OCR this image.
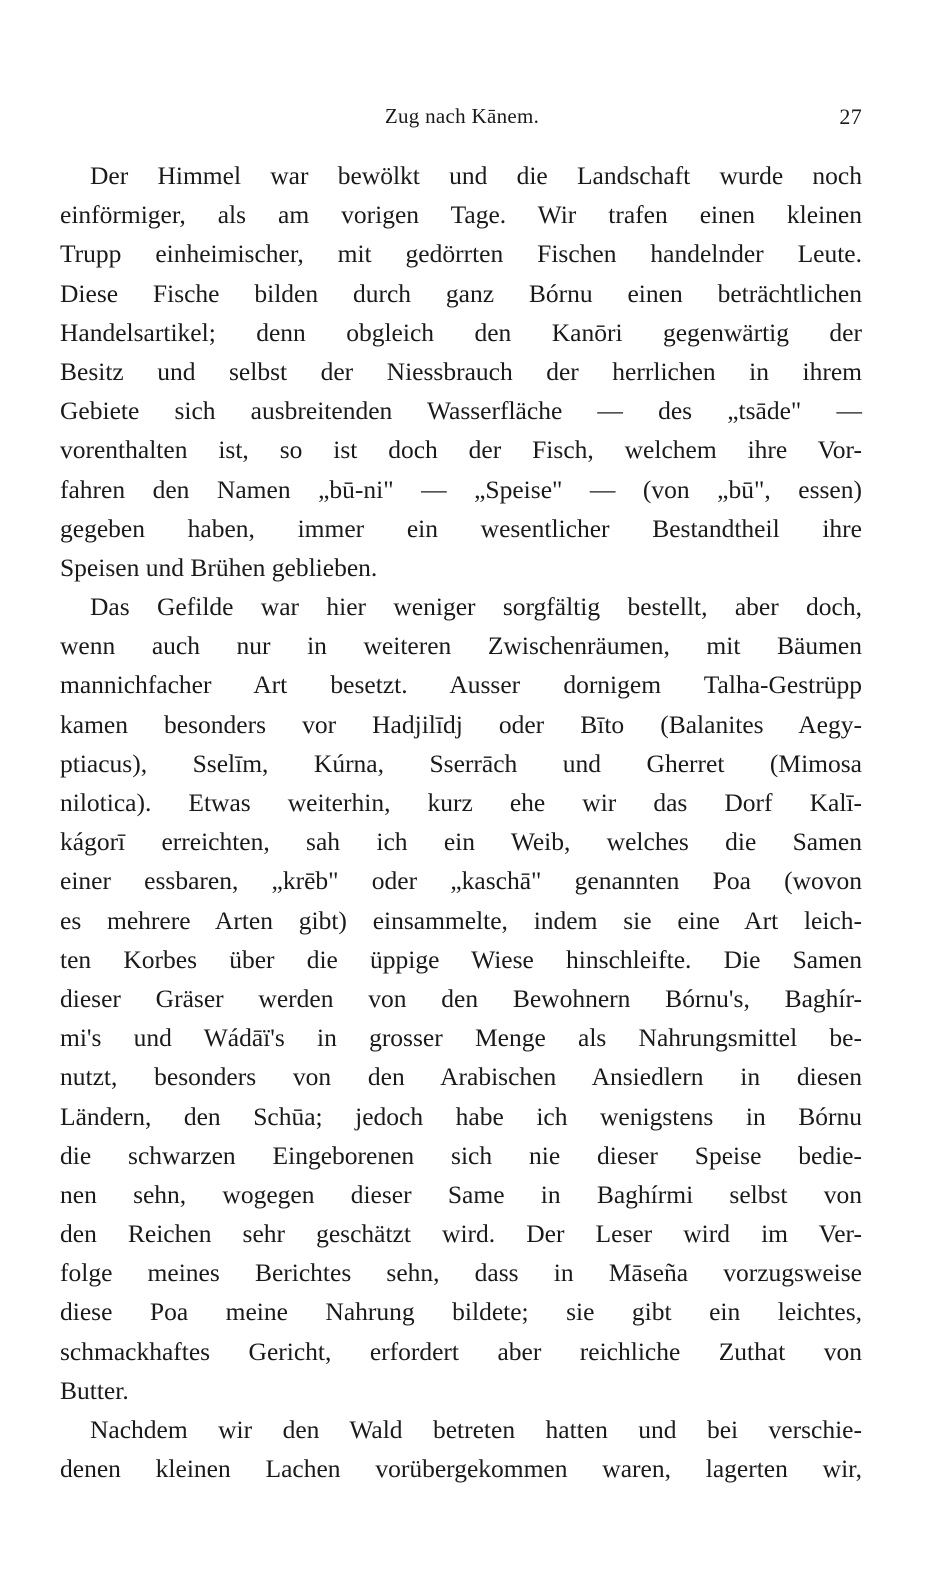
Zug nach Kānem.	27
Der Himmel war bewölkt und die Landschaft wurde noch
einförmiger, als am vorigen Tage. Wir trafen einen kleinen
Trupp einheimischer, mit gedörrten Fischen handelnder Leute.
Diese Fische bilden durch ganz Bórnu einen beträchtlichen
Handelsartikel; denn obgleich den Kanōri gegenwärtig der
Besitz und selbst der Niessbrauch der herrlichen in ihrem
Gebiete sich ausbreitenden Wasserfläche — des „tsāde" —
vorenthalten ist, so ist doch der Fisch, welchem ihre Vor-
fahren den Namen „bū-ni" — „Speise" — (von „bū", essen)
gegeben haben, immer ein wesentlicher Bestandtheil ihre
Speisen und Brühen geblieben.
Das Gefilde war hier weniger sorgfältig bestellt, aber doch,
wenn auch nur in weiteren Zwischenräumen, mit Bäumen
mannichfacher Art besetzt. Ausser dornigem Talha-Gestrüpp
kamen besonders vor Hadjilīdj oder Bīto (Balanites Aegy-
ptiacus), Sselīm, Kúrna, Sserrāch und Gherret (Mimosa
nilotica). Etwas weiterhin, kurz ehe wir das Dorf Kalī-
kágorī erreichten, sah ich ein Weib, welches die Samen
einer essbaren, „krēb" oder „kaschā" genannten Poa (wovon
es mehrere Arten gibt) einsammelte, indem sie eine Art leich-
ten Korbes über die üppige Wiese hinschleifte. Die Samen
dieser Gräser werden von den Bewohnern Bórnu's, Baghír-
mi's und Wádāï's in grosser Menge als Nahrungsmittel be-
nutzt, besonders von den Arabischen Ansiedlern in diesen
Ländern, den Schūa; jedoch habe ich wenigstens in Bórnu
die schwarzen Eingeborenen sich nie dieser Speise bedie-
nen sehn, wogegen dieser Same in Baghírmi selbst von
den Reichen sehr geschätzt wird. Der Leser wird im Ver-
folge meines Berichtes sehn, dass in Māseña vorzugsweise
diese Poa meine Nahrung bildete; sie gibt ein leichtes,
schmackhaftes Gericht, erfordert aber reichliche Zuthat von
Butter.
Nachdem wir den Wald betreten hatten und bei verschie-
denen kleinen Lachen vorübergekommen waren, lagerten wir,
